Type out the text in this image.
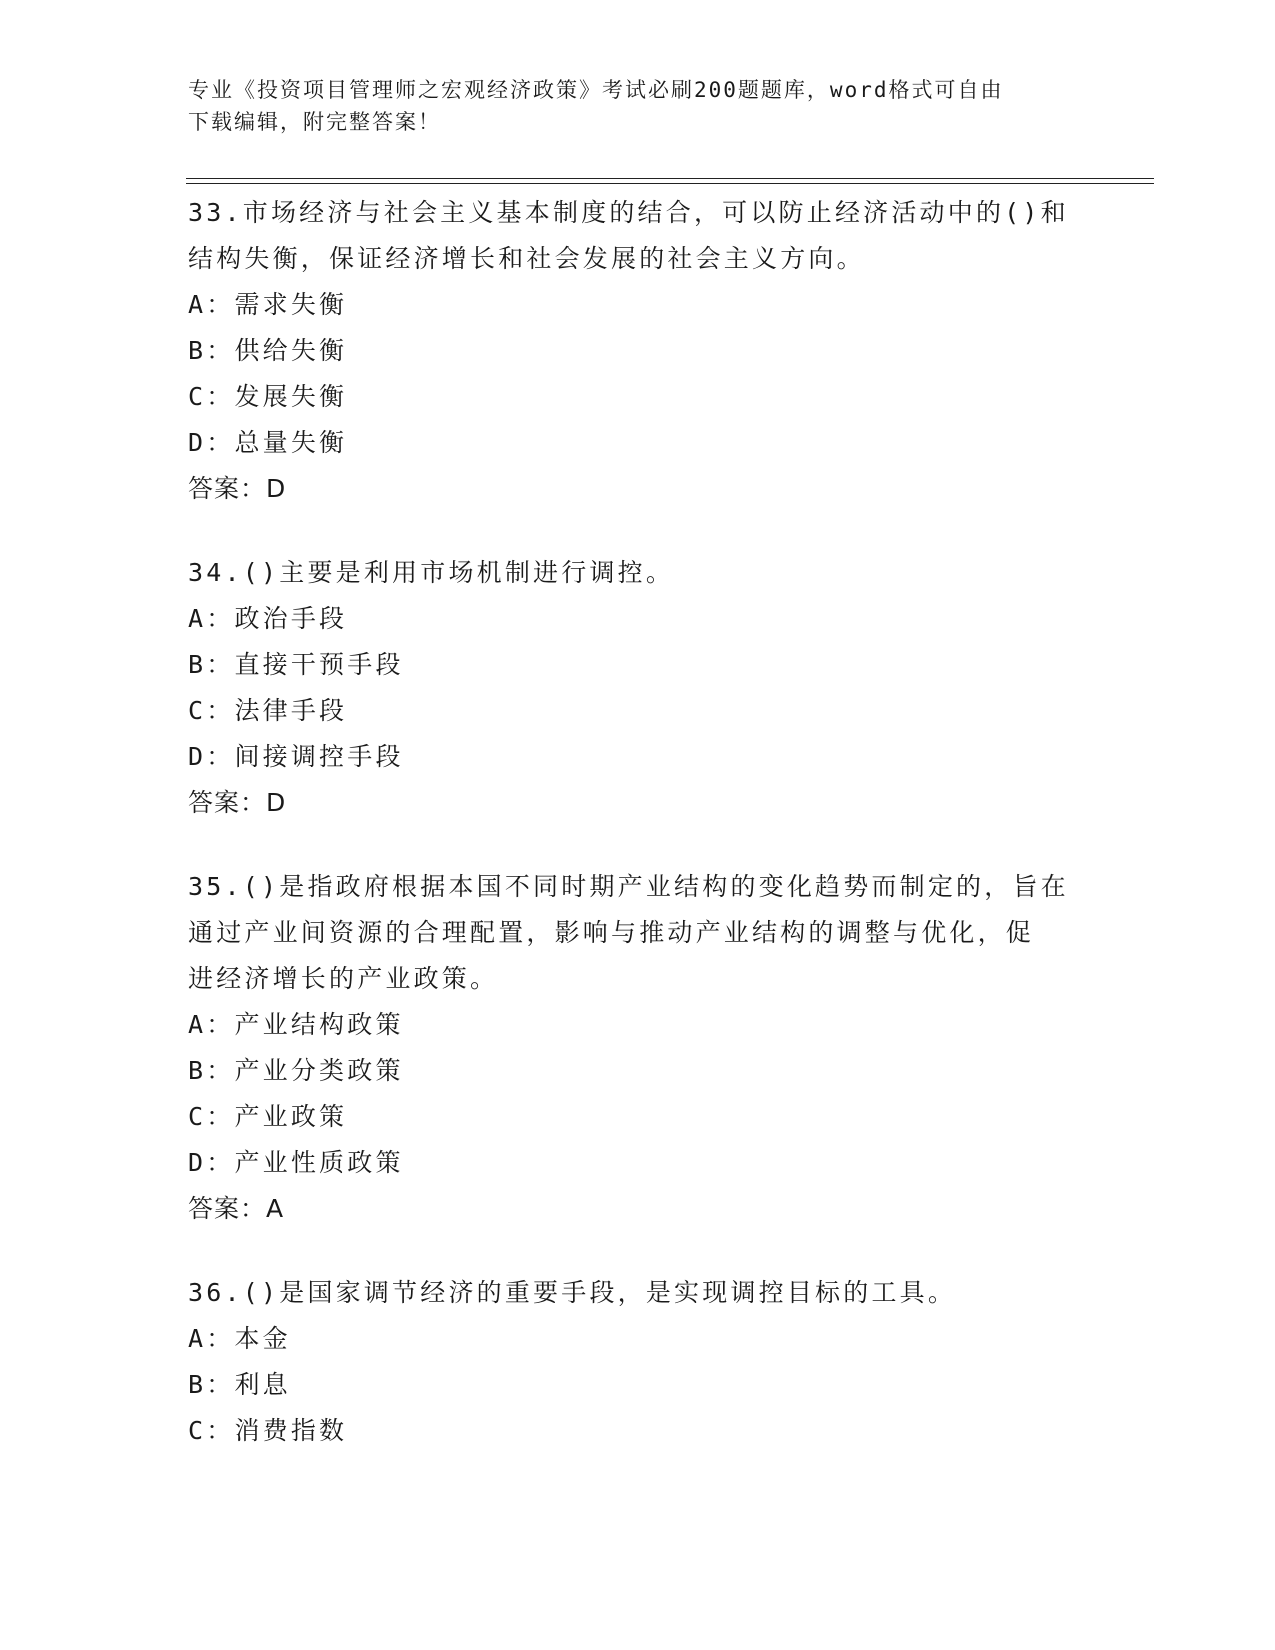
专业《投资项目管理师之宏观经济政策》考试必刷200题题库，word格式可自由
下载编辑，附完整答案！
33.市场经济与社会主义基本制度的结合，可以防止经济活动中的()和
结构失衡，保证经济增长和社会发展的社会主义方向。
A：需求失衡
B：供给失衡
C：发展失衡
D：总量失衡
答案：D
34.()主要是利用市场机制进行调控。
A：政治手段
B：直接干预手段
C：法律手段
D：间接调控手段
答案：D
35.()是指政府根据本国不同时期产业结构的变化趋势而制定的，旨在
通过产业间资源的合理配置，影响与推动产业结构的调整与优化，促
进经济增长的产业政策。
A：产业结构政策
B：产业分类政策
C：产业政策
D：产业性质政策
答案：A
36.()是国家调节经济的重要手段，是实现调控目标的工具。
A：本金
B：利息
C：消费指数
